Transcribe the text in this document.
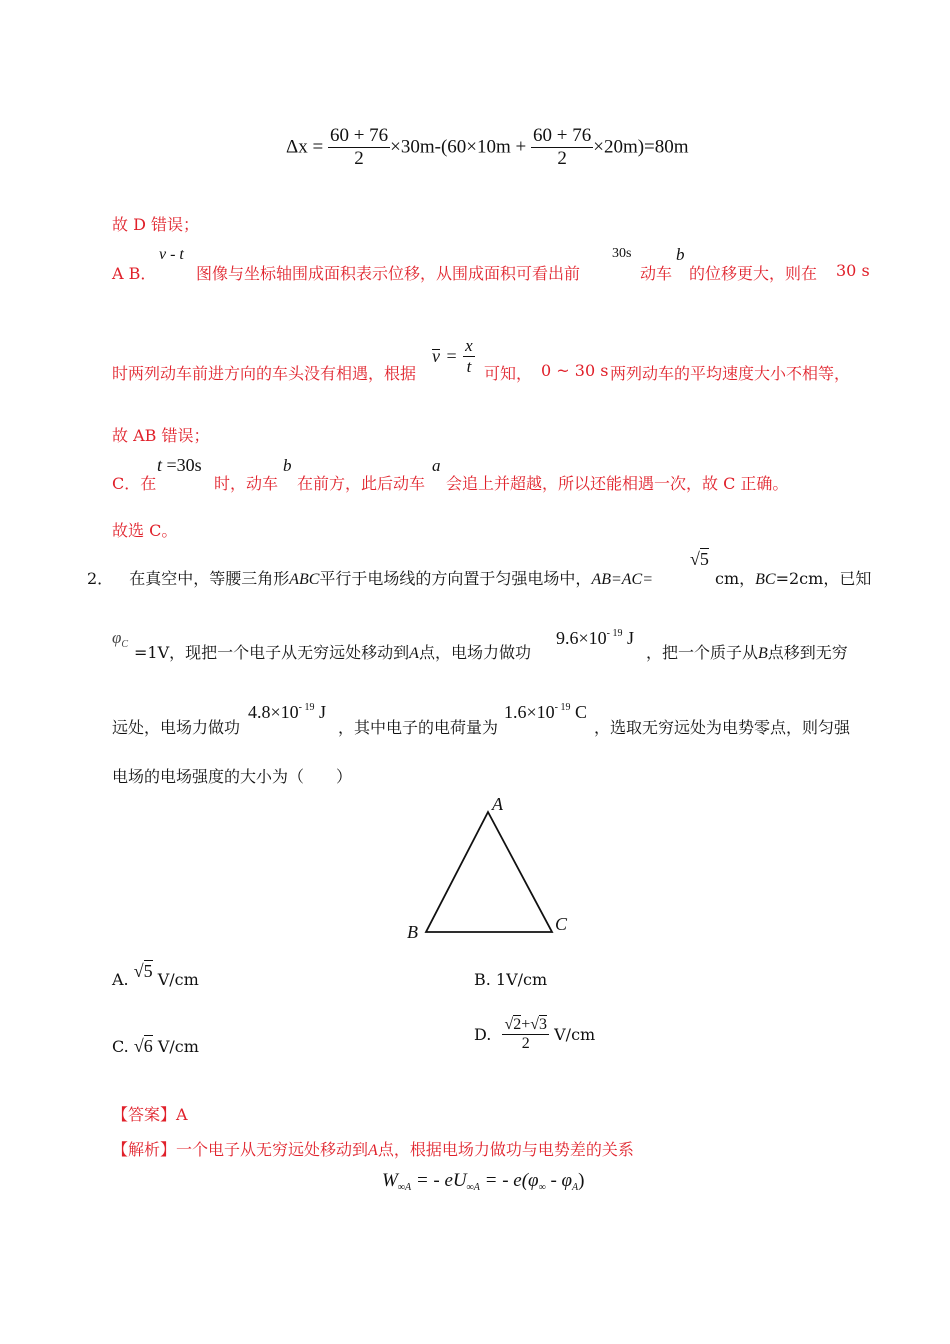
$\Delta x = \frac{60 + 76}{2} \times 30m-(60\times 10m + \frac{60 + 76}{2} \times 20m)=80m$
故 D 错误；
A B．
v - t
图像与坐标轴围成面积表示位移，从围成面积可看出前
30s
动车
b
的位移更大，则在 30 s
时两列动车前进方向的车头没有相遇，根据
$v = \frac{x}{t}$ 可知， 0 ~ 30 s 两列动车的平均速度大小不相等，
故 AB 错误；
C．在
t =30s
时，动车
b
在前方，此后动车
a
会追上并超越，所以还能相遇一次，故 C 正确。
故选 C。
2． 在真空中，等腰三角形ABC平行于电场线的方向置于匀强电场中，AB=AC=
√5
cm，BC=2cm，已知
$\varphi_C =1V$，现把一个电子从无穷远处移动到A点，电场力做功
$9.6\times 10^{- 19}$ J
，把一个质子从B点移到无穷
远处，电场力做功
$4.8\times 10^{- 19}$ J
，其中电子的电荷量为
$1.6\times 10^{- 19}$ C
，选取无穷远处为电势零点，则匀强
电场的电场强度的大小为（　　）
A
B	C
A. √5 V/cm	B. 1V/cm
C. √6 V/cm
D. $\frac{√2+√3}{2} V/cm$
【答案】A
【解析】一个电子从无穷远处移动到A点，根据电场力做功与电势差的关系
$W_{\infty A}$ = - $eU_{\infty A}$ = - $e(\varphi_\infty - \varphi_A)$
